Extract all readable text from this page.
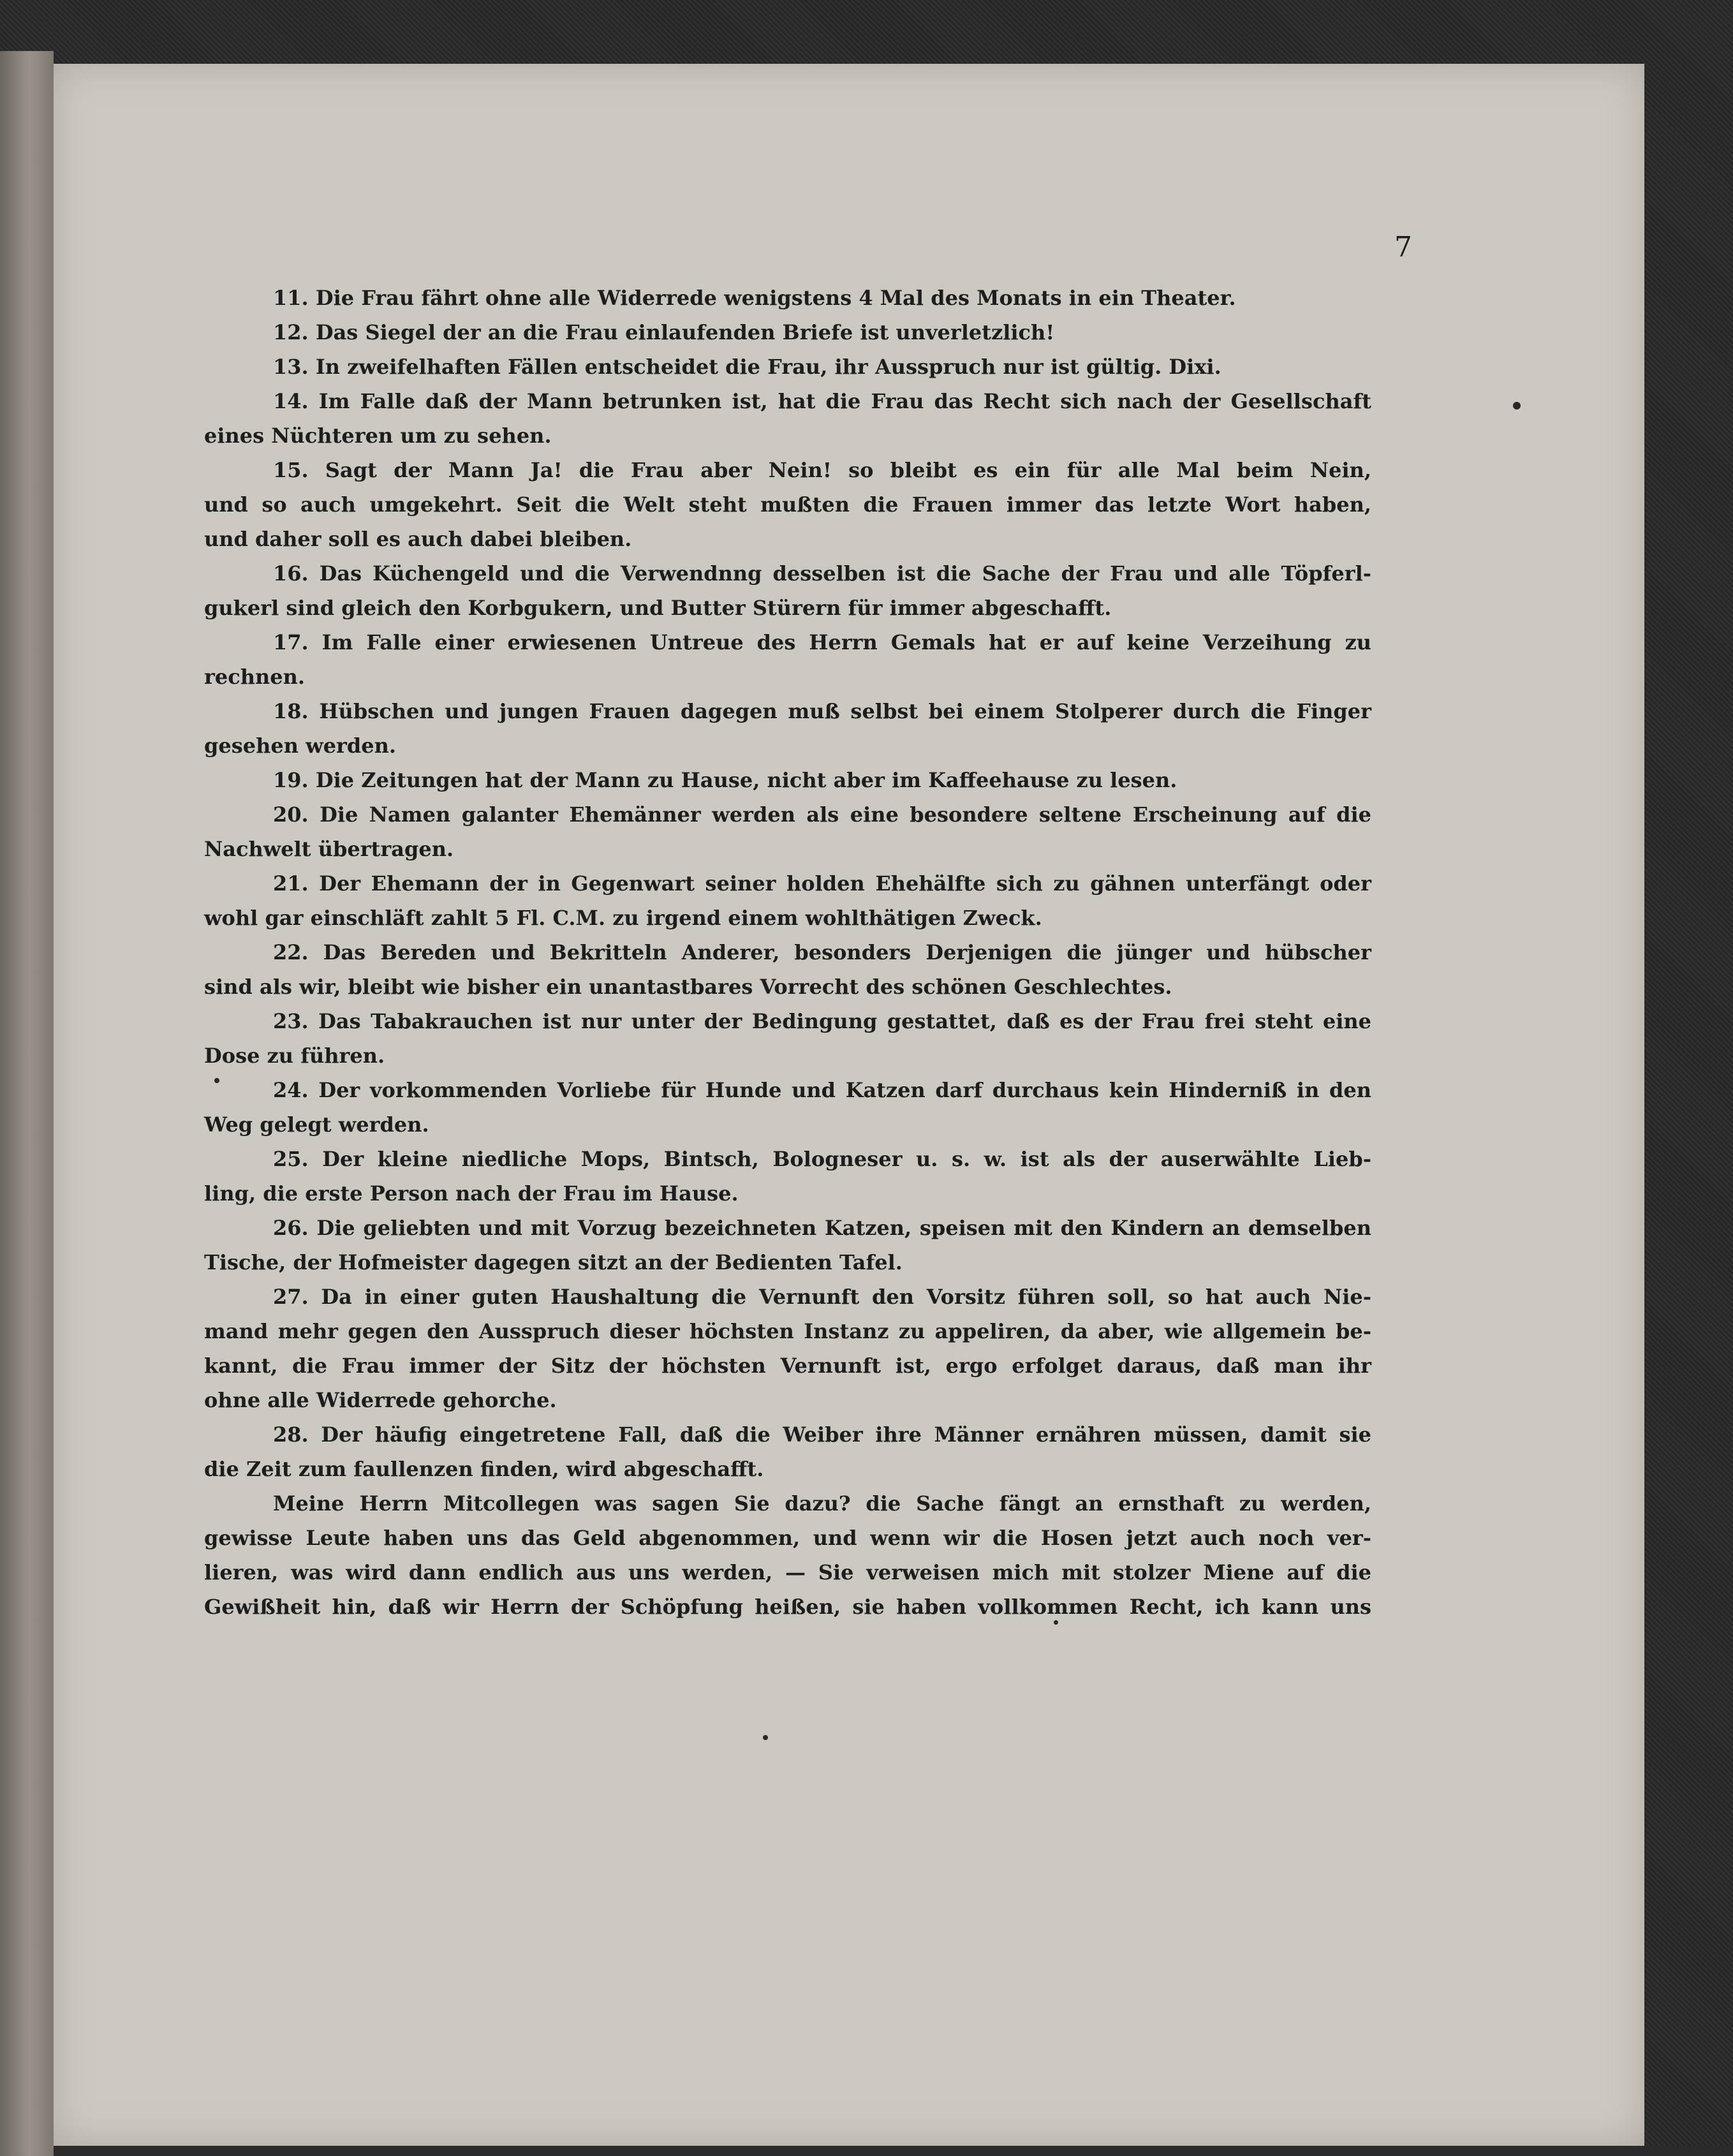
7
11. Die Frau fährt ohne alle Widerrede wenigstens 4 Mal des Monats in ein Theater.
12. Das Siegel der an die Frau einlaufenden Briefe ist unverletzlich!
13. In zweifelhaften Fällen entscheidet die Frau, ihr Ausspruch nur ist gültig. Dixi.
14. Im Falle daß der Mann betrunken ist, hat die Frau das Recht sich nach der Gesellschaft
eines Nüchteren um zu sehen.
15. Sagt der Mann Ja! die Frau aber Nein! so bleibt es ein für alle Mal beim Nein,
und so auch umgekehrt. Seit die Welt steht mußten die Frauen immer das letzte Wort haben,
und daher soll es auch dabei bleiben.
16. Das Küchengeld und die Verwendnng desselben ist die Sache der Frau und alle Töpferl-
gukerl sind gleich den Korbgukern, und Butter Stürern für immer abgeschafft.
17. Im Falle einer erwiesenen Untreue des Herrn Gemals hat er auf keine Verzeihung zu
rechnen.
18. Hübschen und jungen Frauen dagegen muß selbst bei einem Stolperer durch die Finger
gesehen werden.
19. Die Zeitungen hat der Mann zu Hause, nicht aber im Kaffeehause zu lesen.
20. Die Namen galanter Ehemänner werden als eine besondere seltene Erscheinung auf die
Nachwelt übertragen.
21. Der Ehemann der in Gegenwart seiner holden Ehehälfte sich zu gähnen unterfängt oder
wohl gar einschläft zahlt 5 Fl. C.M. zu irgend einem wohlthätigen Zweck.
22. Das Bereden und Bekritteln Anderer, besonders Derjenigen die jünger und hübscher
sind als wir, bleibt wie bisher ein unantastbares Vorrecht des schönen Geschlechtes.
23. Das Tabakrauchen ist nur unter der Bedingung gestattet, daß es der Frau frei steht eine
Dose zu führen.
24. Der vorkommenden Vorliebe für Hunde und Katzen darf durchaus kein Hinderniß in den
Weg gelegt werden.
25. Der kleine niedliche Mops, Bintsch, Bologneser u. s. w. ist als der auserwählte Lieb-
ling, die erste Person nach der Frau im Hause.
26. Die geliebten und mit Vorzug bezeichneten Katzen, speisen mit den Kindern an demselben
Tische, der Hofmeister dagegen sitzt an der Bedienten Tafel.
27. Da in einer guten Haushaltung die Vernunft den Vorsitz führen soll, so hat auch Nie-
mand mehr gegen den Ausspruch dieser höchsten Instanz zu appeliren, da aber, wie allgemein be-
kannt, die Frau immer der Sitz der höchsten Vernunft ist, ergo erfolget daraus, daß man ihr
ohne alle Widerrede gehorche.
28. Der häufig eingetretene Fall, daß die Weiber ihre Männer ernähren müssen, damit sie
die Zeit zum faullenzen finden, wird abgeschafft.
Meine Herrn Mitcollegen was sagen Sie dazu? die Sache fängt an ernsthaft zu werden,
gewisse Leute haben uns das Geld abgenommen, und wenn wir die Hosen jetzt auch noch ver-
lieren, was wird dann endlich aus uns werden, — Sie verweisen mich mit stolzer Miene auf die
Gewißheit hin, daß wir Herrn der Schöpfung heißen, sie haben vollkommen Recht, ich kann uns
